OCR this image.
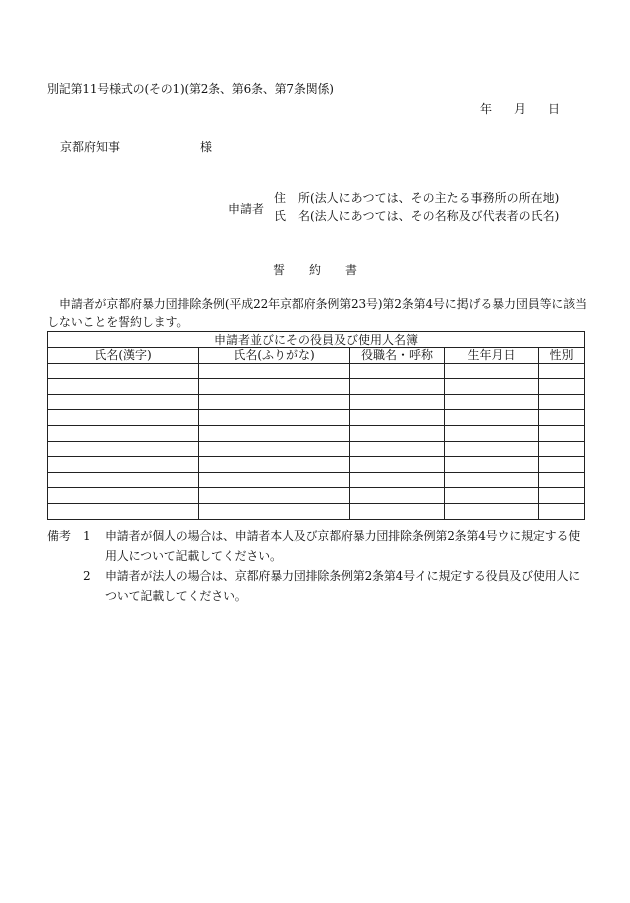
別記第11号様式の(その1)(第2条、第6条、第7条関係)
年 月 日
京都府知事	様
申請者
住　所(法人にあつては、その主たる事務所の所在地)
氏　名(法人にあつては、その名称及び代表者の氏名)
誓 約 書
申請者が京都府暴力団排除条例(平成22年京都府条例第23号)第2条第4号に掲げる暴力団員等に該当しないことを誓約します。
申請者並びにその役員及び使用人名簿				
氏名(漢字)	氏名(ふりがな)	役職名・呼称	生年月日	性別

備考 1	申請者が個人の場合は、申請者本人及び京都府暴力団排除条例第2条第4号ウに規定する使用人について記載してください。
2	申請者が法人の場合は、京都府暴力団排除条例第2条第4号イに規定する役員及び使用人について記載してください。
